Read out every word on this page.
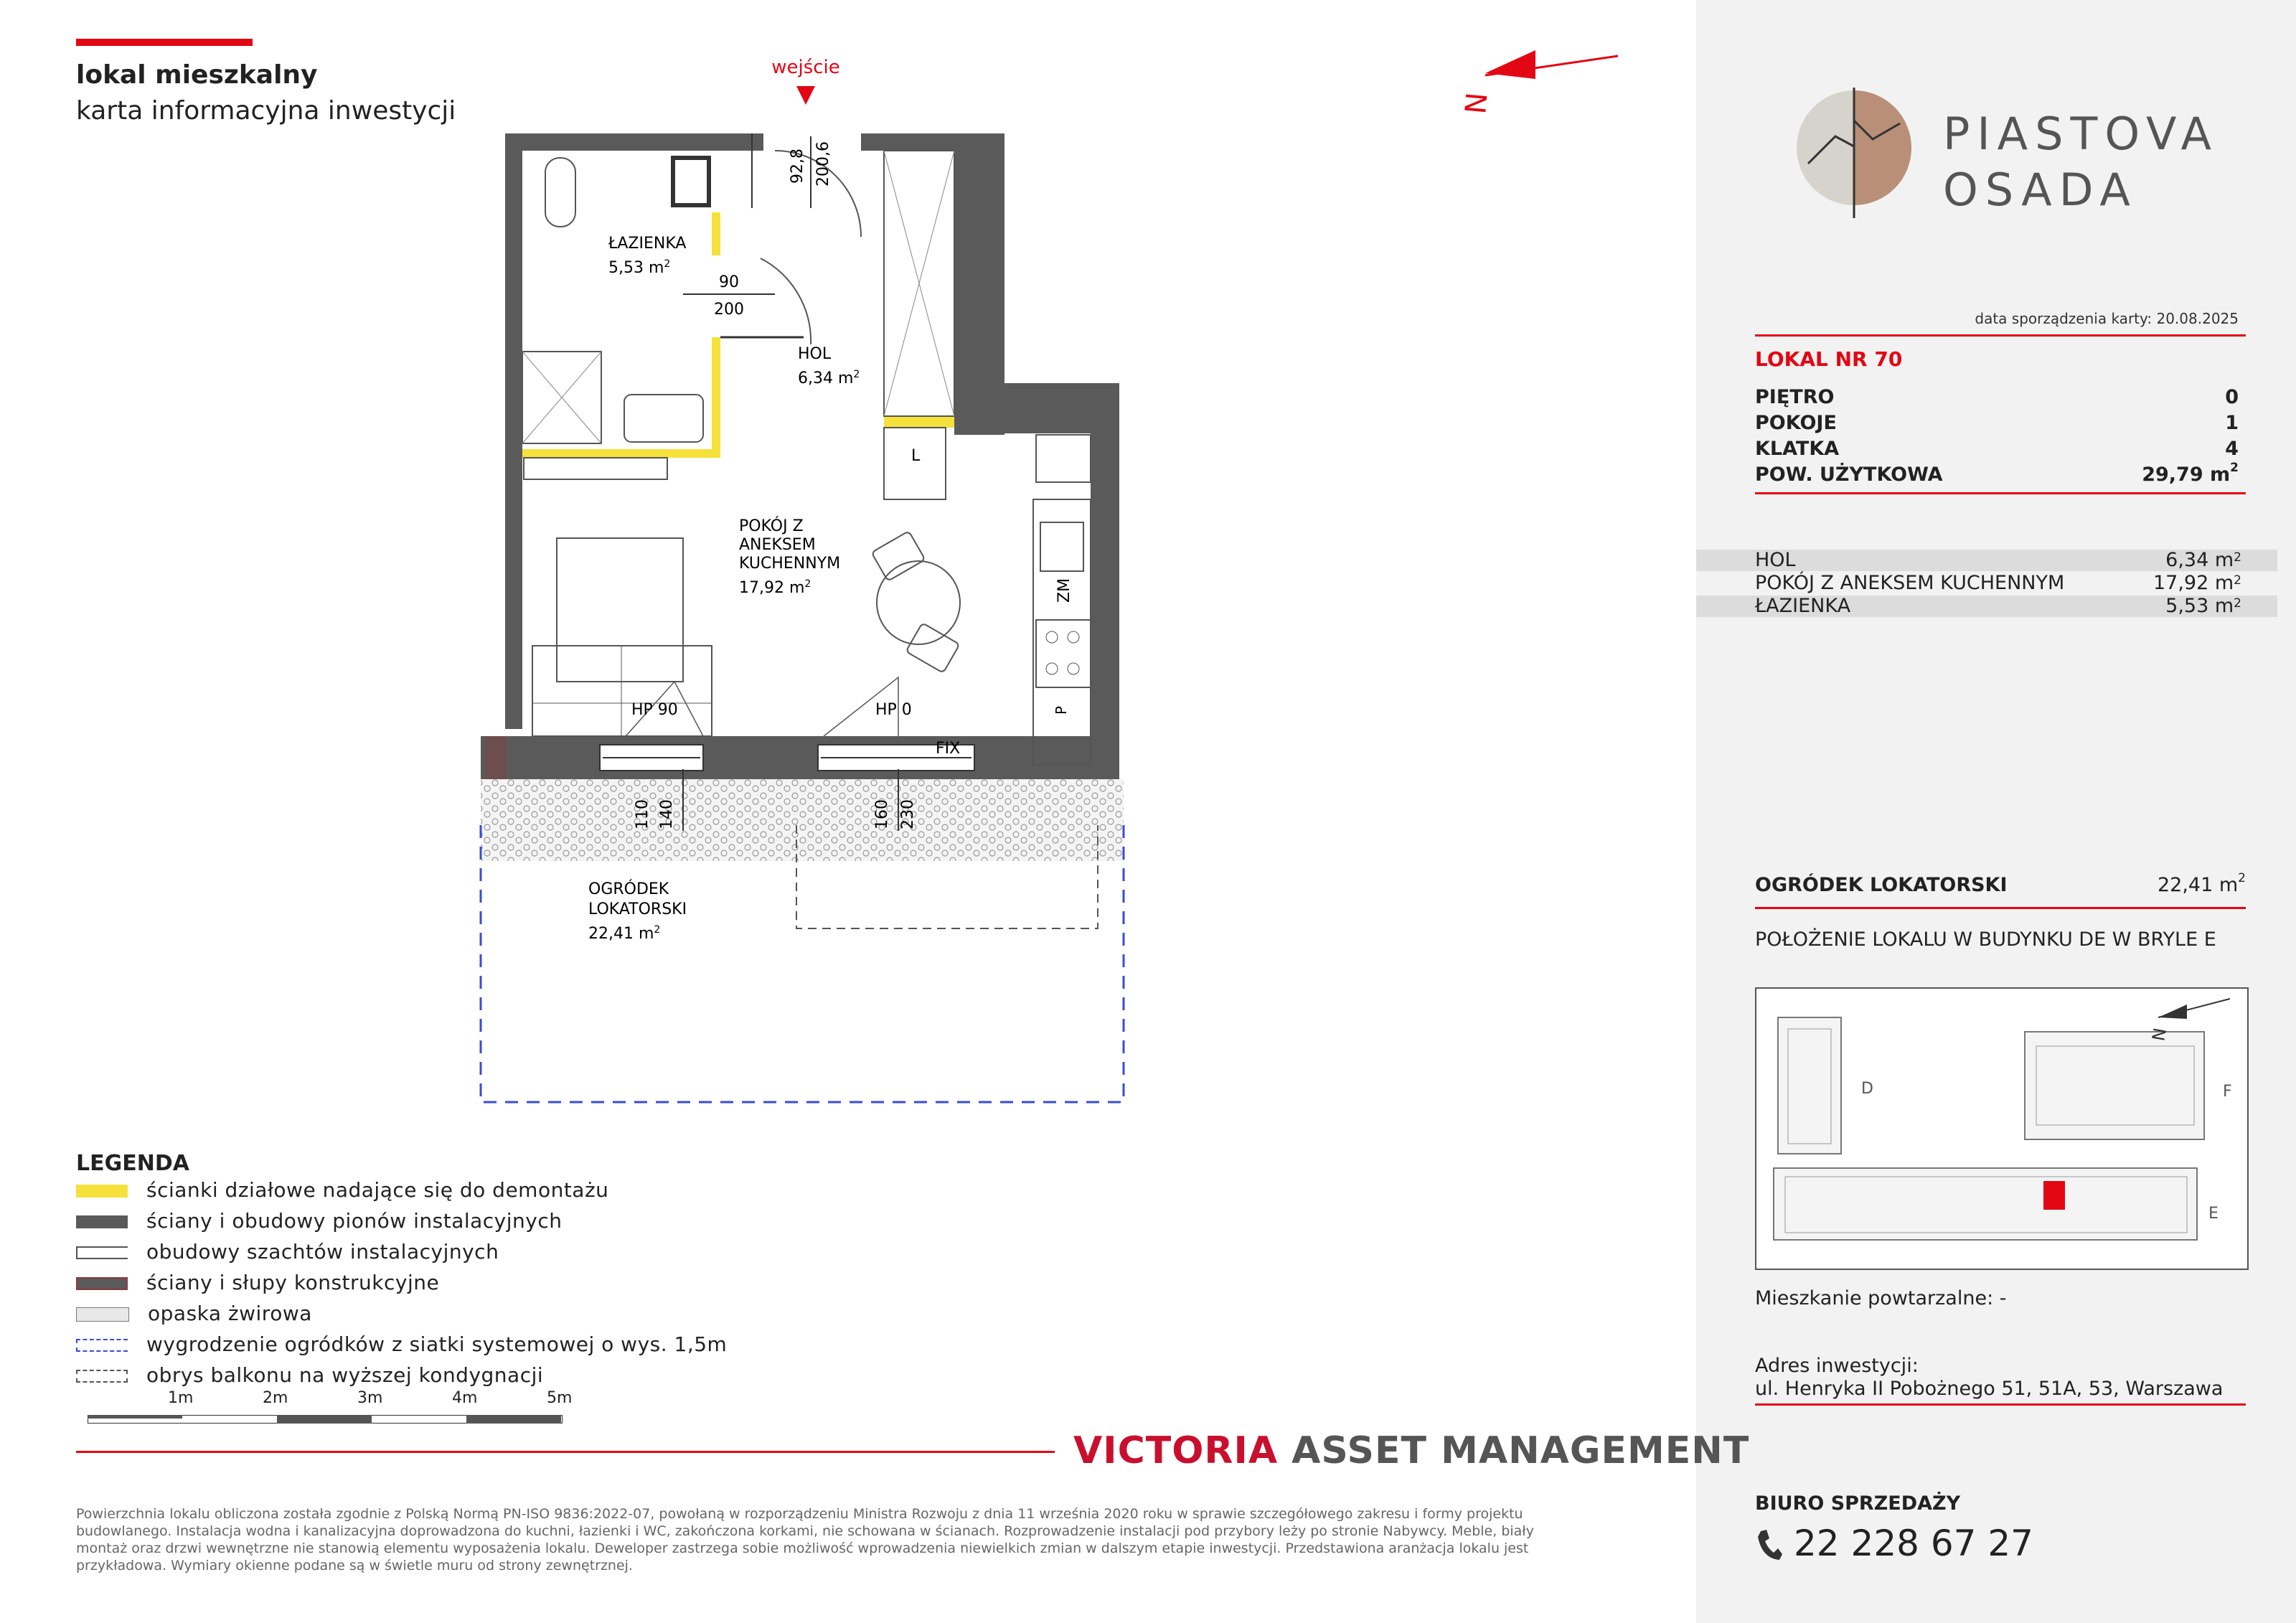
lokal mieszkalny
karta informacyjna inwestycji	N
wejście
92,8 200,6
90
200
ŁAZIENKA
5,53 $m^2$
HOL
6,34 $m^2$
POKÓJ Z
ANEKSEM
KUCHENNYM
17,92 $m^2$
L
ZM
P
HP 90	HP 0
FIX
110 140	160 230
OGRÓDEK
LOKATORSKI
22,41 $m^2$
LEGENDA
ścianki działowe nadające się do demontażu
ściany i obudowy pionów instalacyjnych
obudowy szachtów instalacyjnych
ściany i słupy konstrukcyjne
opaska żwirowa
wygrodzenie ogródków z siatki systemowej o wys. 1,5m
obrys balkonu na wyższej kondygnacji
1m	2m	3m	4m	5m
VICTORIA ASSET MANAGEMENT
Powierzchnia lokalu obliczona została zgodnie z Polską Normą PN-ISO 9836:2022-07, powołaną w rozporządzeniu Ministra Rozwoju z dnia 11 września 2020 roku w sprawie szczegółowego zakresu i formy projektu budowlanego. Instalacja wodna i kanalizacyjna doprowadzona do kuchni, łazienki i WC, zakończona korkami, nie schowana w ścianach. Rozprowadzenie instalacji pod przybory leży po stronie Nabywcy. Meble, biały montaż oraz drzwi wewnętrzne nie stanowią elementu wyposażenia lokalu. Deweloper zastrzega sobie możliwość wprowadzenia niewielkich zmian w dalszym etapie inwestycji. Przedstawiona aranżacja lokalu jest przykładowa. Wymiary okienne podane są w świetle muru od strony zewnętrznej.
PIASTOVA
OSADA
data sporządzenia karty: 20.08.2025
LOKAL NR 70
PIĘTRO	0
POKOJE	1
KLATKA	4
POW. UŻYTKOWA	29,79 $m^2$
HOL	6,34 $m^2$
POKÓJ Z ANEKSEM KUCHENNYM	17,92 $m^2$
ŁAZIENKA	5,53 $m^2$
OGRÓDEK LOKATORSKI	22,41 $m^2$
POŁOŻENIE LOKALU W BUDYNKU DE W BRYLE E
D	F
E
N
Mieszkanie powtarzalne: -
Adres inwestycji:
ul. Henryka II Pobożnego 51, 51A, 53, Warszawa
BIURO SPRZEDAŻY
22 228 67 27
